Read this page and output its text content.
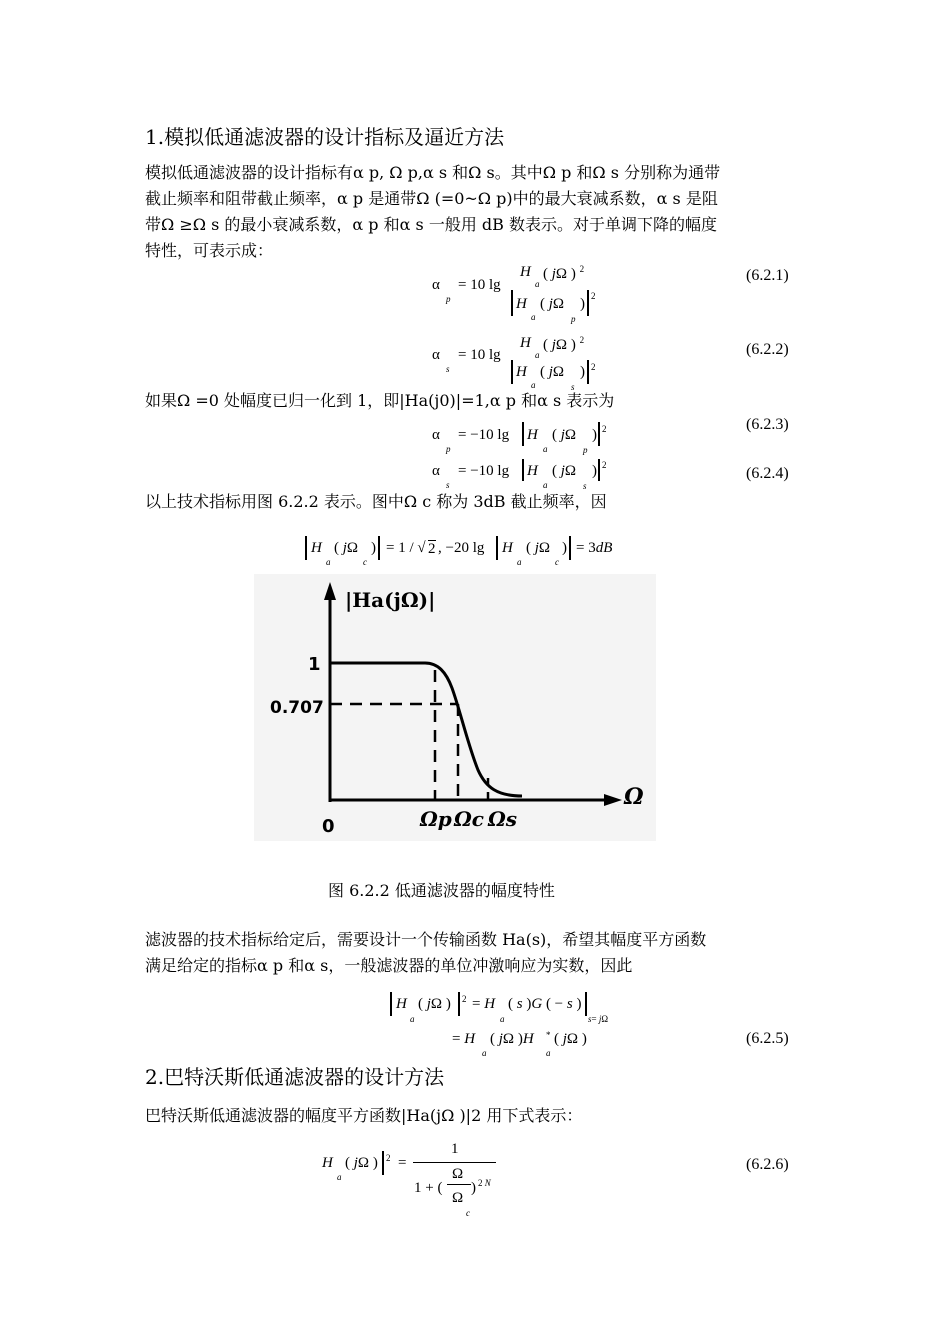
1.模拟低通滤波器的设计指标及逼近方法
模拟低通滤波器的设计指标有α p, Ω p,α s 和Ω s。其中Ω p 和Ω s 分别称为通带
截止频率和阻带截止频率，α p 是通带Ω (=0~Ω p)中的最大衰减系数，α s 是阻
带Ω ≥Ω s 的最小衰减系数，α p 和α s 一般用 dB 数表示。对于单调下降的幅度
特性，可表示成：
α
p
= 10 lg
H
a
( jΩ ) $^2$
H
a
( jΩ
p
) 2
(6.2.1)
α
s
= 10 lg
H
a
( jΩ ) $^2$
H
a
( jΩ
s
) 2
(6.2.2)
如果Ω =0 处幅度已归一化到 1，即|Ha(j0)|=1,α p 和α s 表示为
α
p
= −10 lg H
a
( jΩ
p
) 2	(6.2.3)
α
s
= −10 lg H
a
( jΩ
s
) 2	(6.2.4)
以上技术指标用图 6.2.2 表示。图中Ω c 称为 3dB 截止频率，因
H
a
( jΩ
c
) = 1 / √ 2 , −20 lg H
a
( jΩ
c
) = 3dB
|Ha(jΩ)|
1
0.707
0
Ω
Ωp Ωc Ωs
图 6.2.2 低通滤波器的幅度特性
滤波器的技术指标给定后，需要设计一个传输函数 Ha(s)，希望其幅度平方函数
满足给定的指标α p 和α s，一般滤波器的单位冲激响应为实数，因此
H
a
( jΩ ) 2 = H
a
( s )G ( − s )
s= jΩ
= H
a
( jΩ )H
a
* ( jΩ )	(6.2.5)
2.巴特沃斯低通滤波器的设计方法
巴特沃斯低通滤波器的幅度平方函数|Ha(jΩ )|2 用下式表示：
H
a
( jΩ ) 2 =
1
1 + (
Ω
Ω
c
) 2 N
(6.2.6)
